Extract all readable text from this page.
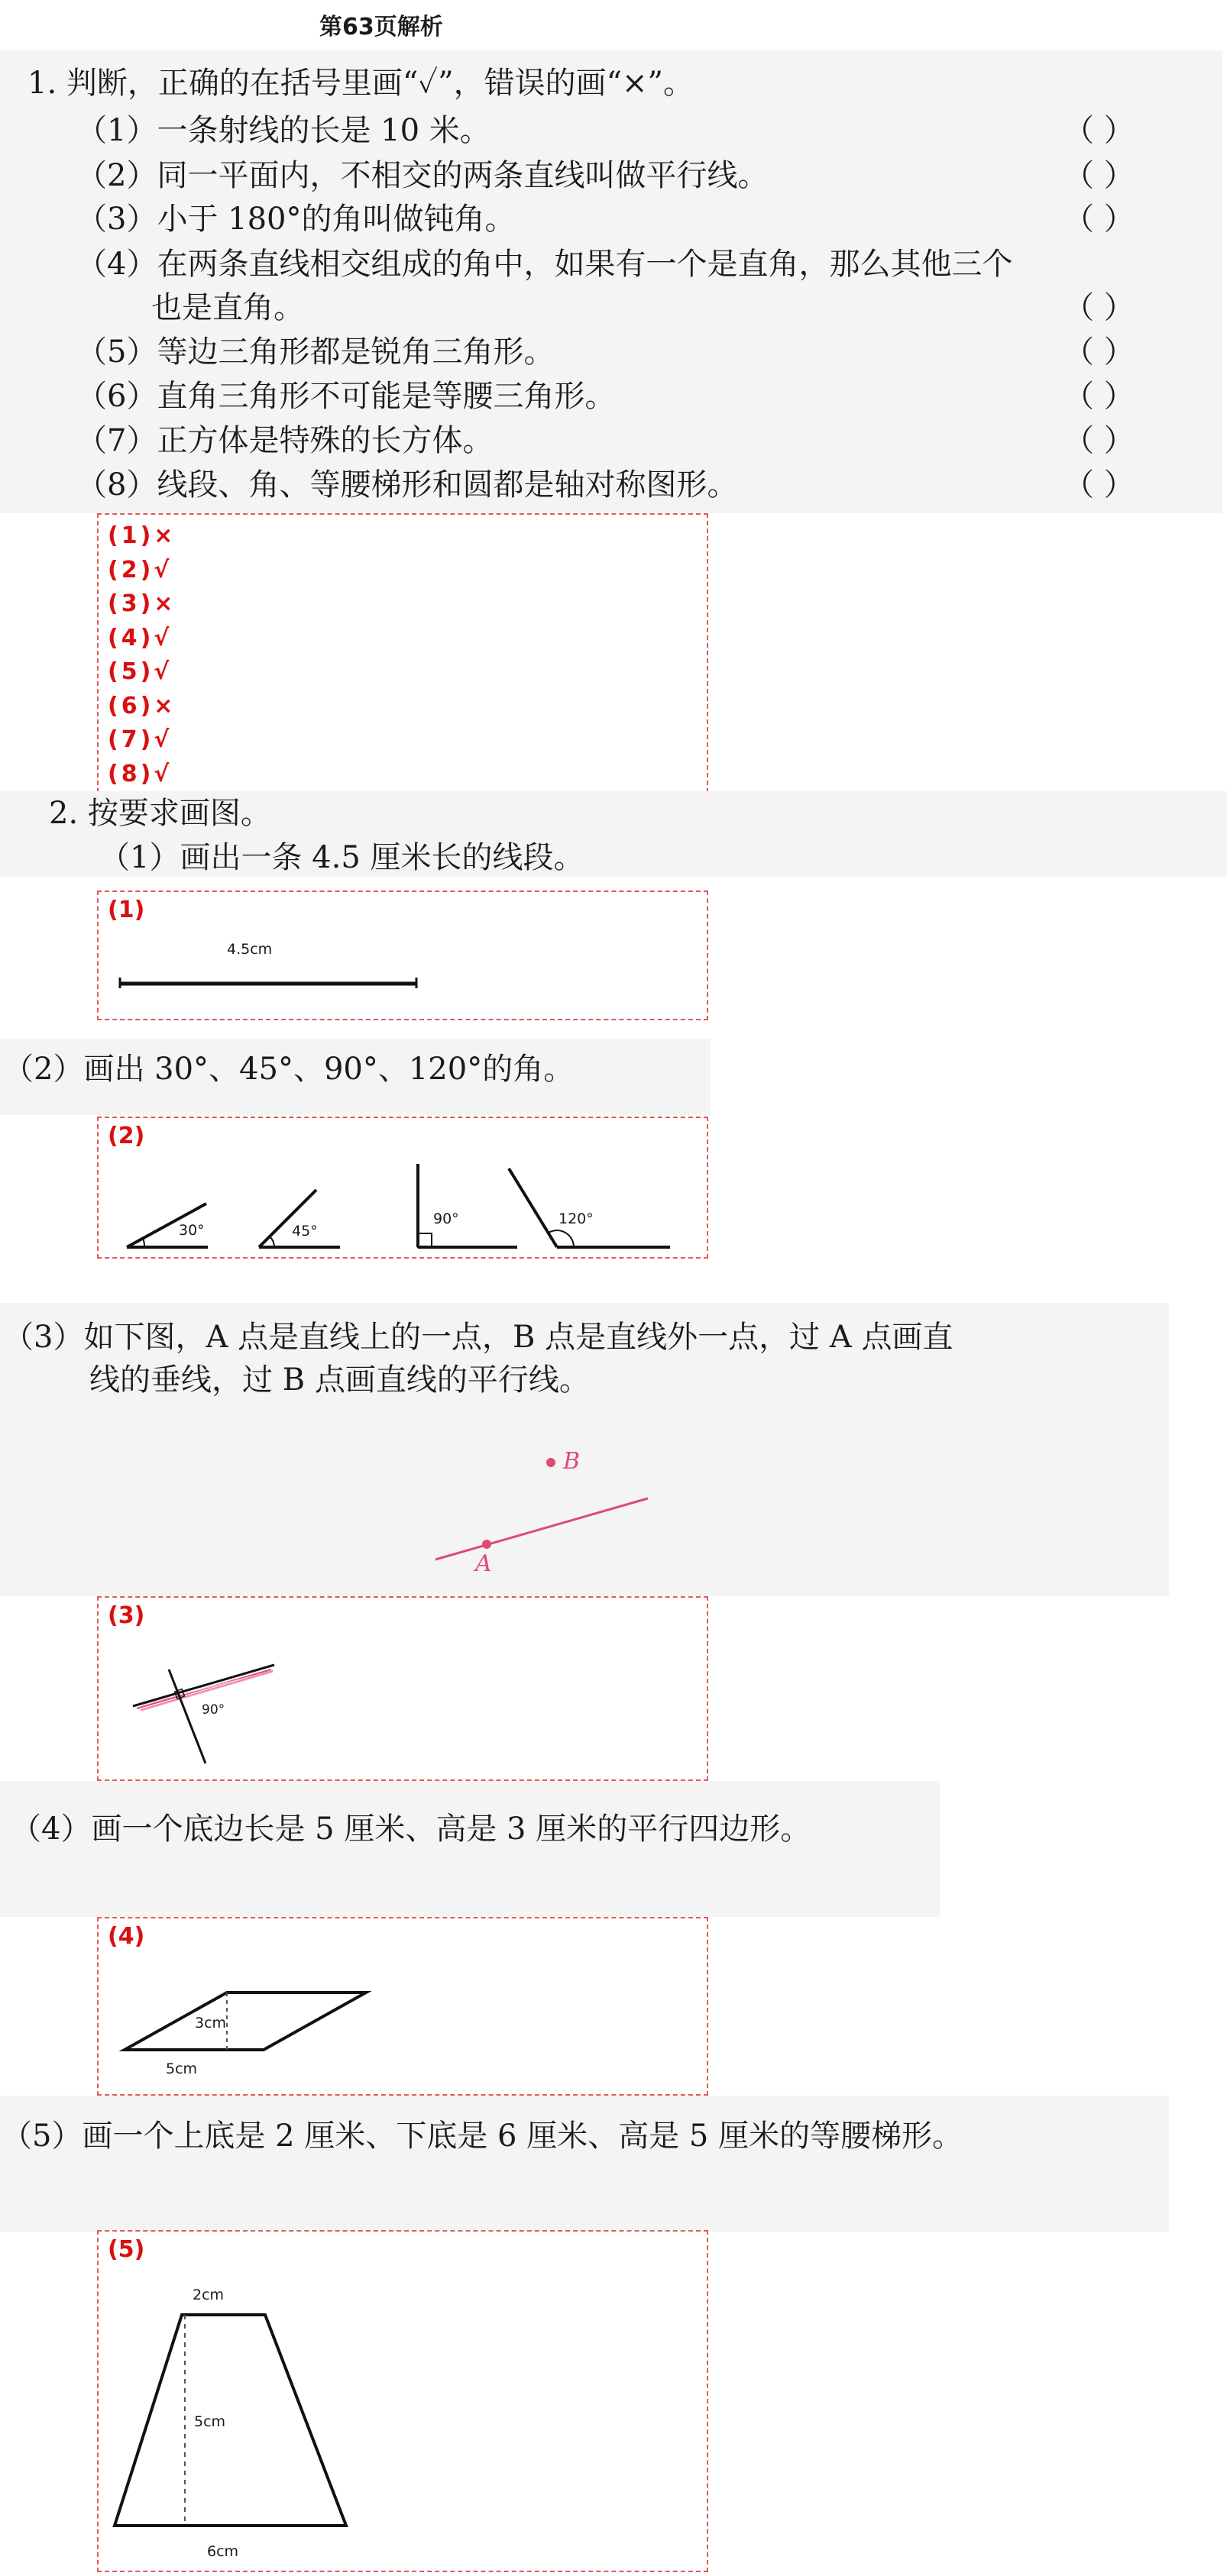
第63页解析
1. 判断，正确的在括号里画“✓”，错误的画“×”。
（1）一条射线的长是 10 米。	（ ）
（2）同一平面内，不相交的两条直线叫做平行线。	（ ）
（3）小于 180°的角叫做钝角。	（ ）
（4）在两条直线相交组成的角中，如果有一个是直角，那么其他三个
也是直角。	（ ）
（5）等边三角形都是锐角三角形。	（ ）
（6）直角三角形不可能是等腰三角形。	（ ）
（7）正方体是特殊的长方体。	（ ）
（8）线段、角、等腰梯形和圆都是轴对称图形。	（ ）
(1)×
(2)√
(3)×
(4)√
(5)√
(6)×
(7)√
(8)√
2. 按要求画图。
（1）画出一条 4.5 厘米长的线段。
(1)
4.5cm
（2）画出 30°、45°、90°、120°的角。
(2)
30°	45°
90°	120°
（3）如下图，A 点是直线上的一点，B 点是直线外一点，过 A 点画直
线的垂线，过 B 点画直线的平行线。
A
B
(3)
90°
（4）画一个底边长是 5 厘米、高是 3 厘米的平行四边形。
(4)
3cm
5cm
（5）画一个上底是 2 厘米、下底是 6 厘米、高是 5 厘米的等腰梯形。
(5)
2cm
5cm
6cm
